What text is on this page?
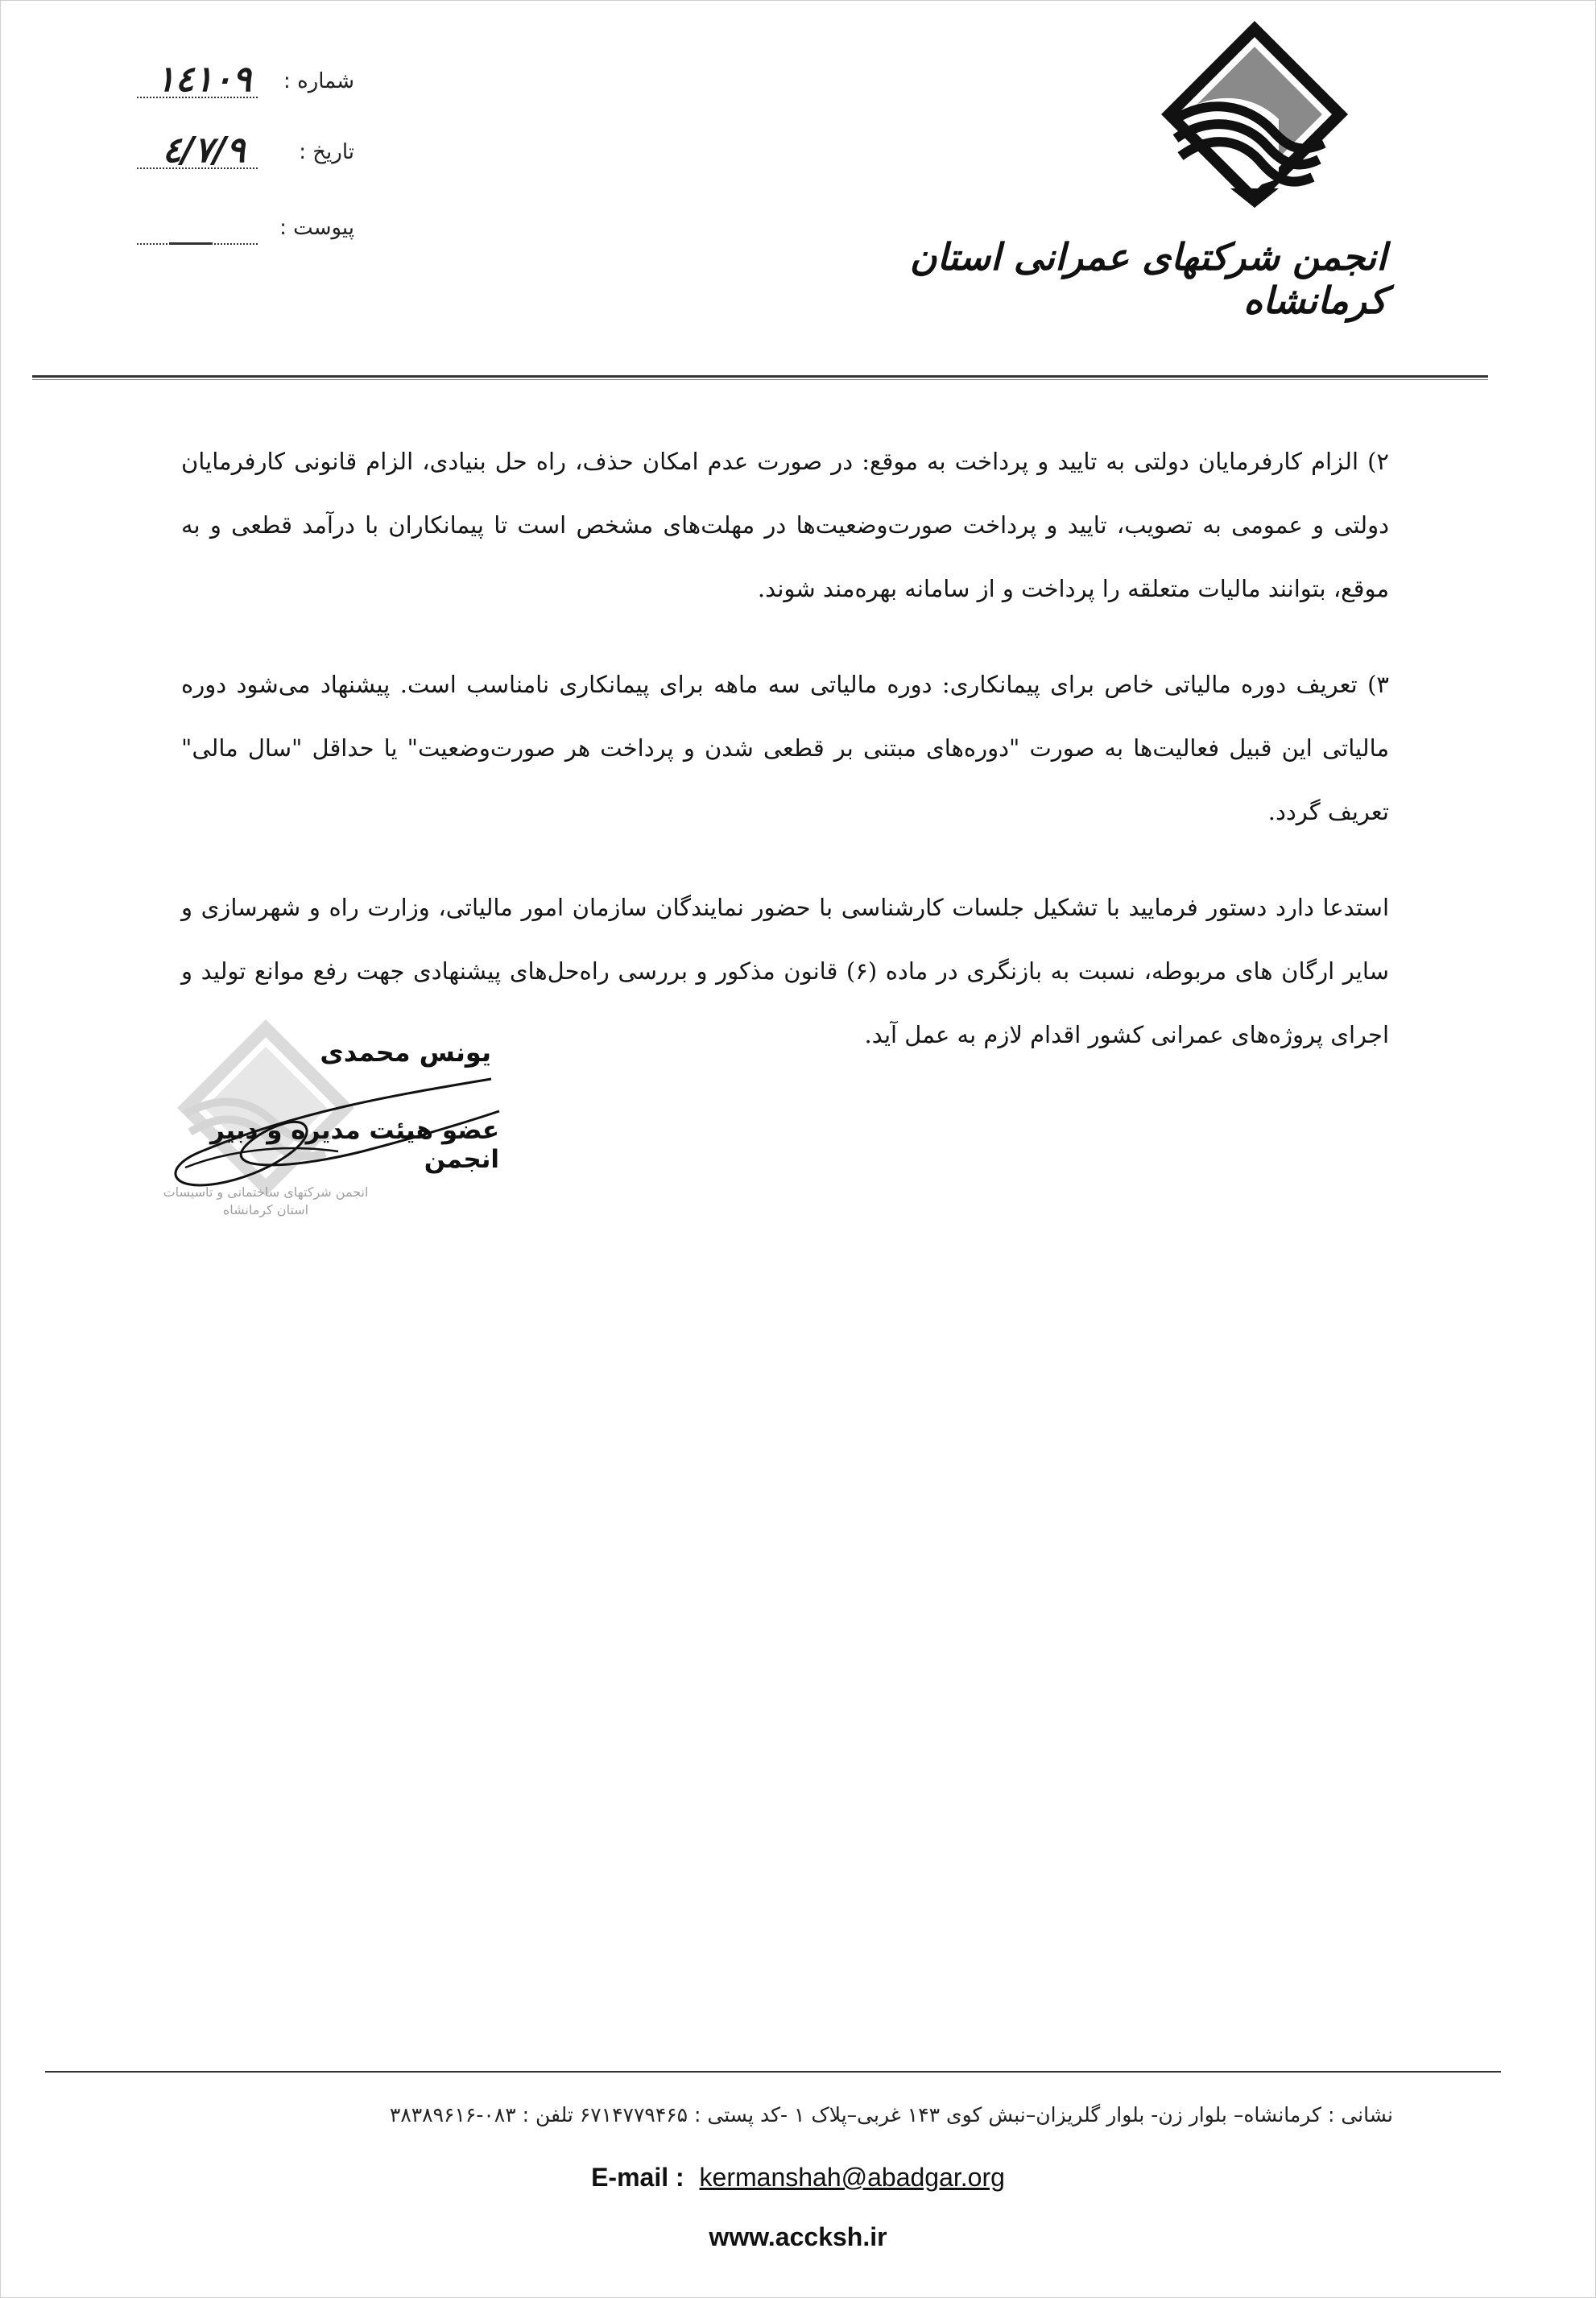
انجمن شرکتهای عمرانی استان کرمانشاه
شماره :
۱٤۱۰۹
تاریخ :
٤/۷/۹
پیوست :

۲) الزام کارفرمایان دولتی به تایید و پرداخت به موقع: در صورت عدم امکان حذف، راه حل بنیادی، الزام قانونی کارفرمایان دولتی و عمومی به تصویب، تایید و پرداخت صورت‌وضعیت‌ها در مهلت‌های مشخص است تا پیمانکاران با درآمد قطعی و به موقع، بتوانند مالیات متعلقه را پرداخت و از سامانه بهره‌مند شوند.

۳) تعریف دوره مالیاتی خاص برای پیمانکاری: دوره مالیاتی سه ماهه برای پیمانکاری نامناسب است. پیشنهاد می‌شود دوره مالیاتی این قبیل فعالیت‌ها به صورت "دوره‌های مبتنی بر قطعی شدن و پرداخت هر صورت‌وضعیت" یا حداقل "سال مالی" تعریف گردد.

استدعا دارد دستور فرمایید با تشکیل جلسات کارشناسی با حضور نمایندگان سازمان امور مالیاتی، وزارت راه و شهرسازی و سایر ارگان های مربوطه، نسبت به بازنگری در ماده (۶) قانون مذکور و بررسی راه‌حل‌های پیشنهادی جهت رفع موانع تولید و اجرای پروژه‌های عمرانی کشور اقدام لازم به عمل آید.

انجمن شرکتهای ساختمانی و تاسیسات استان کرمانشاه
یونس محمدی
عضو هیئت مدیره و دبیر انجمن
نشانی : کرمانشاه– بلوار زن- بلوار گلریزان–نبش کوی ۱۴۳ غربی–پلاک ۱ -کد پستی : ۶۷۱۴۷۷۹۴۶۵ تلفن : ۰۸۳-۳۸۳۸۹۶۱۶
E-mail : kermanshah@abadgar.org
www.accksh.ir
